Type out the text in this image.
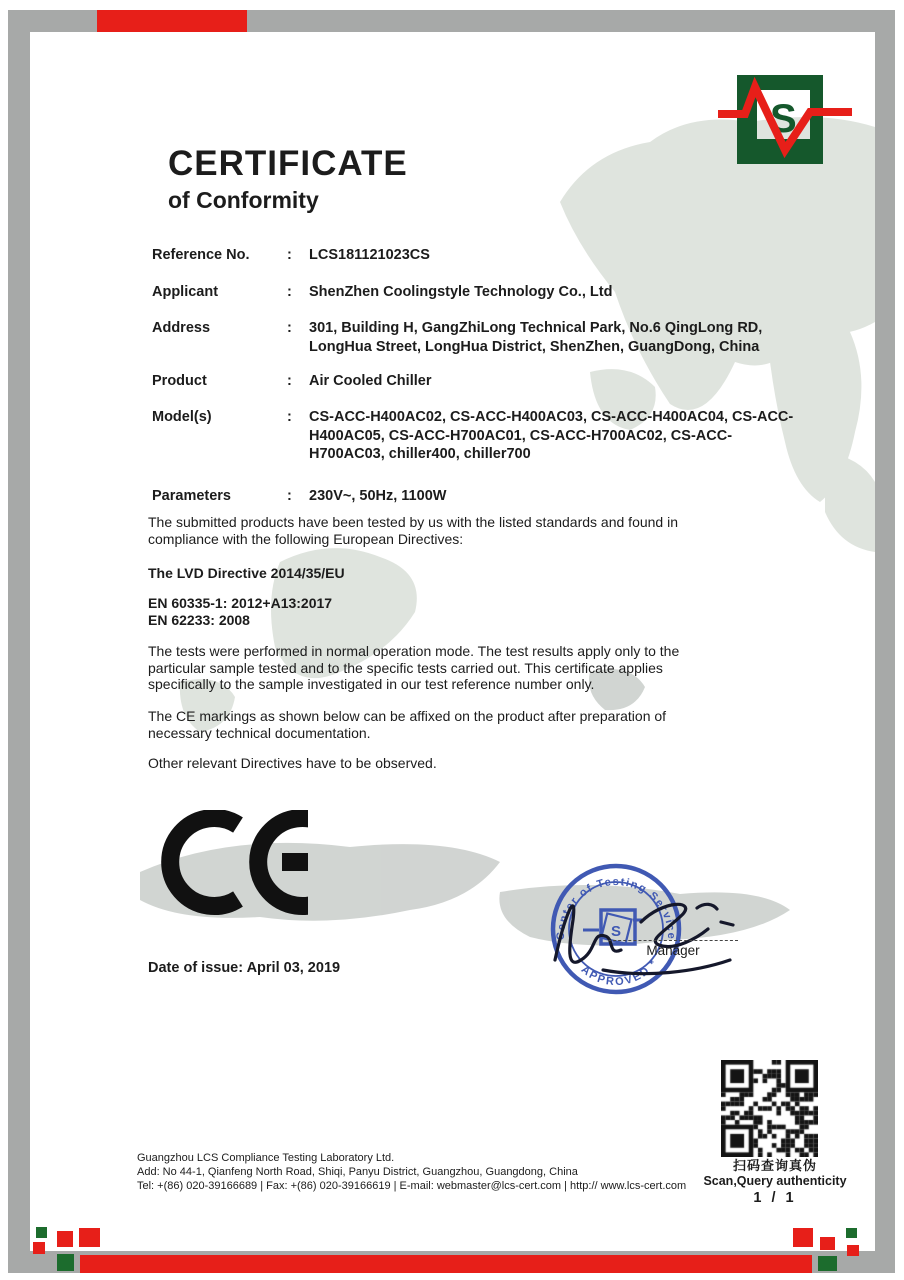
S
CERTIFICATE
of Conformity
Reference No.	:	LCS181121023CS
Applicant	:	ShenZhen Coolingstyle Technology Co., Ltd
Address	:	301, Building H, GangZhiLong Technical Park, No.6 QingLong RD, LongHua Street, LongHua District, ShenZhen, GuangDong, China
Product	:	Air Cooled Chiller
Model(s)	:	CS-ACC-H400AC02, CS-ACC-H400AC03, CS-ACC-H400AC04, CS-ACC-H400AC05, CS-ACC-H700AC01, CS-ACC-H700AC02, CS-ACC-H700AC03, chiller400, chiller700
Parameters	:	230V~, 50Hz, 1100W
The submitted products have been tested by us with the listed standards and found in compliance with the following European Directives:
The LVD Directive 2014/35/EU
EN 60335-1: 2012+A13:2017
EN 62233: 2008
The tests were performed in normal operation mode. The test results apply only to the particular sample tested and to the specific tests carried out. This certificate applies specifically to the sample investigated in our test reference number only.
The CE markings as shown below can be affixed on the product after preparation of necessary technical documentation.
Other relevant Directives have to be observed.
Date of issue: April 03, 2019
Center of Testing Service
* APPROVED *
S
Manager
扫码查询真伪
Scan,Query authenticity
1 / 1
Guangzhou LCS Compliance Testing Laboratory Ltd.
Add: No 44-1, Qianfeng North Road, Shiqi, Panyu District, Guangzhou, Guangdong, China
Tel: +(86) 020-39166689 | Fax: +(86) 020-39166619 | E-mail: webmaster@lcs-cert.com | http:// www.lcs-cert.com
